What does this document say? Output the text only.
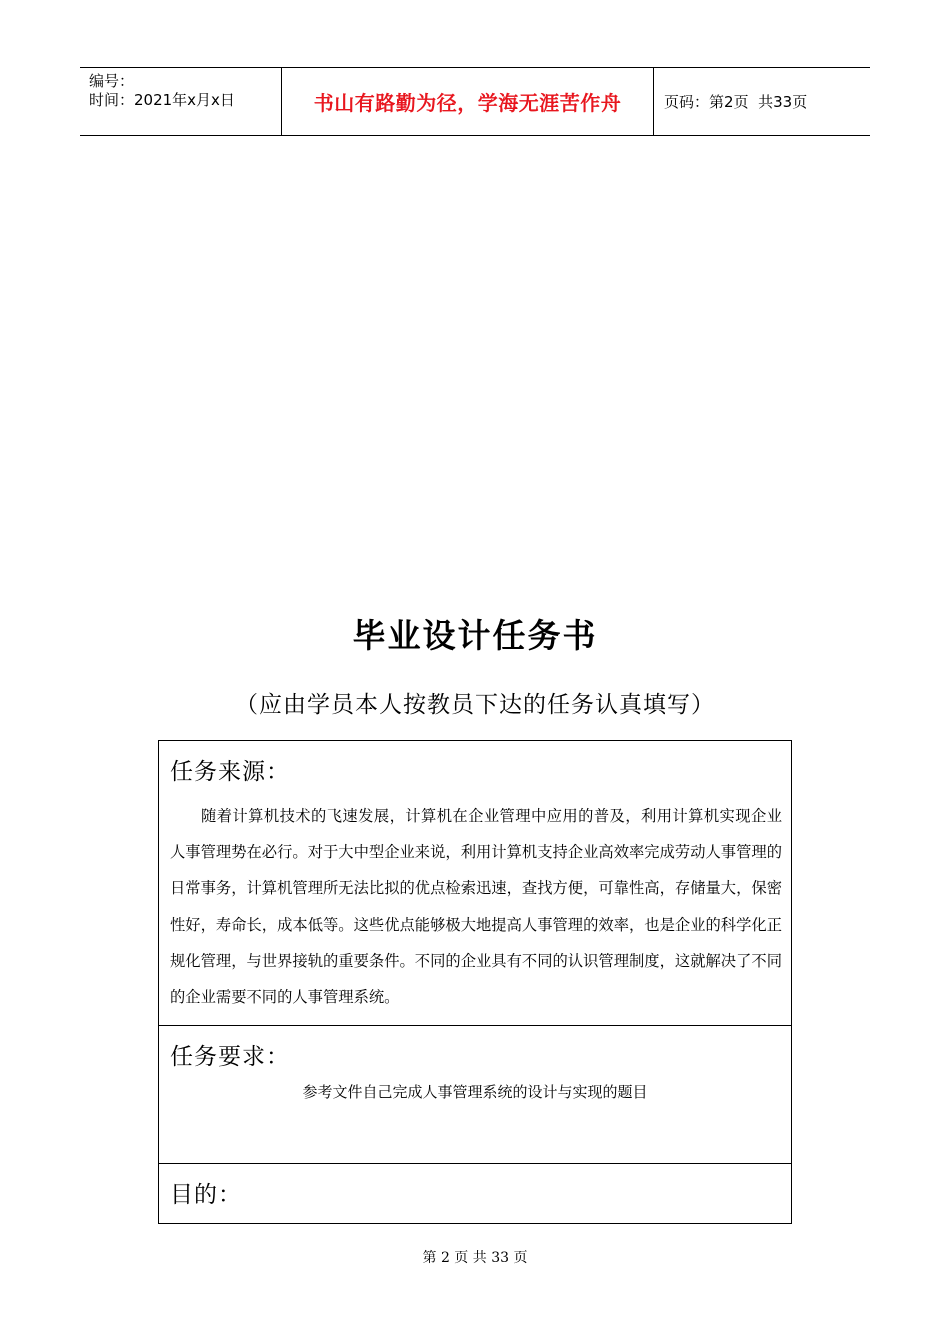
编号：
时间：2021年x月x日	书山有路勤为径，学海无涯苦作舟	页码：第2页  共33页
毕业设计任务书
（应由学员本人按教员下达的任务认真填写）
任务来源：
随着计算机技术的飞速发展，计算机在企业管理中应用的普及，利用计算机实现企业人事管理势在必行。对于大中型企业来说，利用计算机支持企业高效率完成劳动人事管理的日常事务，计算机管理所无法比拟的优点检索迅速，查找方便，可靠性高，存储量大，保密性好，寿命长，成本低等。这些优点能够极大地提高人事管理的效率，也是企业的科学化正规化管理，与世界接轨的重要条件。不同的企业具有不同的认识管理制度，这就解决了不同的企业需要不同的人事管理系统。
任务要求：
参考文件自己完成人事管理系统的设计与实现的题目
目的：
第 2 页 共 33 页
